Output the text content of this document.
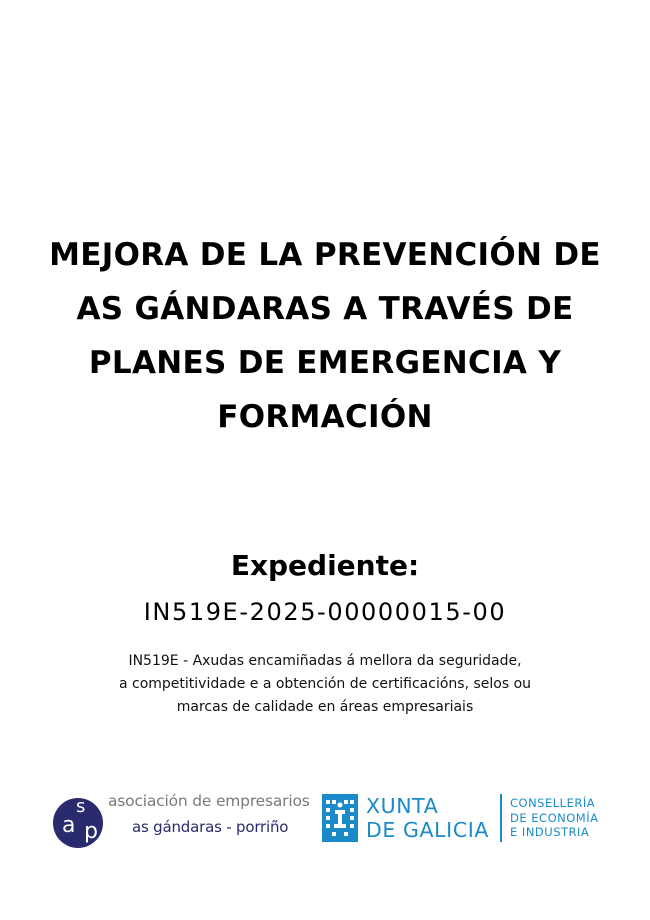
MEJORA DE LA PREVENCIÓN DE
AS GÁNDARAS A TRAVÉS DE
PLANES DE EMERGENCIA Y
FORMACIÓN
Expediente:
IN519E-2025-00000015-00
IN519E - Axudas encamiñadas á mellora da seguridade,
a competitividade e a obtención de certificacións, selos ou
marcas de calidade en áreas empresariais
a
s
p
asociación de empresarios
as gándaras - porriño
XUNTA
DE GALICIA
CONSELLERÍA
DE ECONOMÍA
E INDUSTRIA
